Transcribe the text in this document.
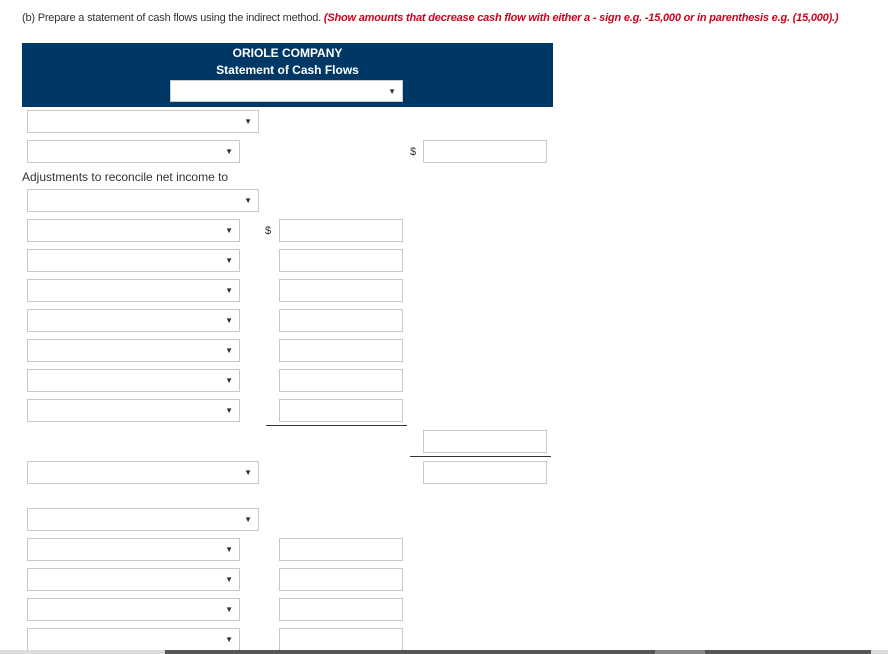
(b) Prepare a statement of cash flows using the indirect method. (Show amounts that decrease cash flow with either a - sign e.g. -15,000 or in parenthesis e.g. (15,000).)
ORIOLE COMPANY
Statement of Cash Flows
▼
▼
▼	$
Adjustments to reconcile net income to
▼
▼	$
▼
▼
▼
▼
▼
▼
▼
▼
▼
▼
▼
▼
